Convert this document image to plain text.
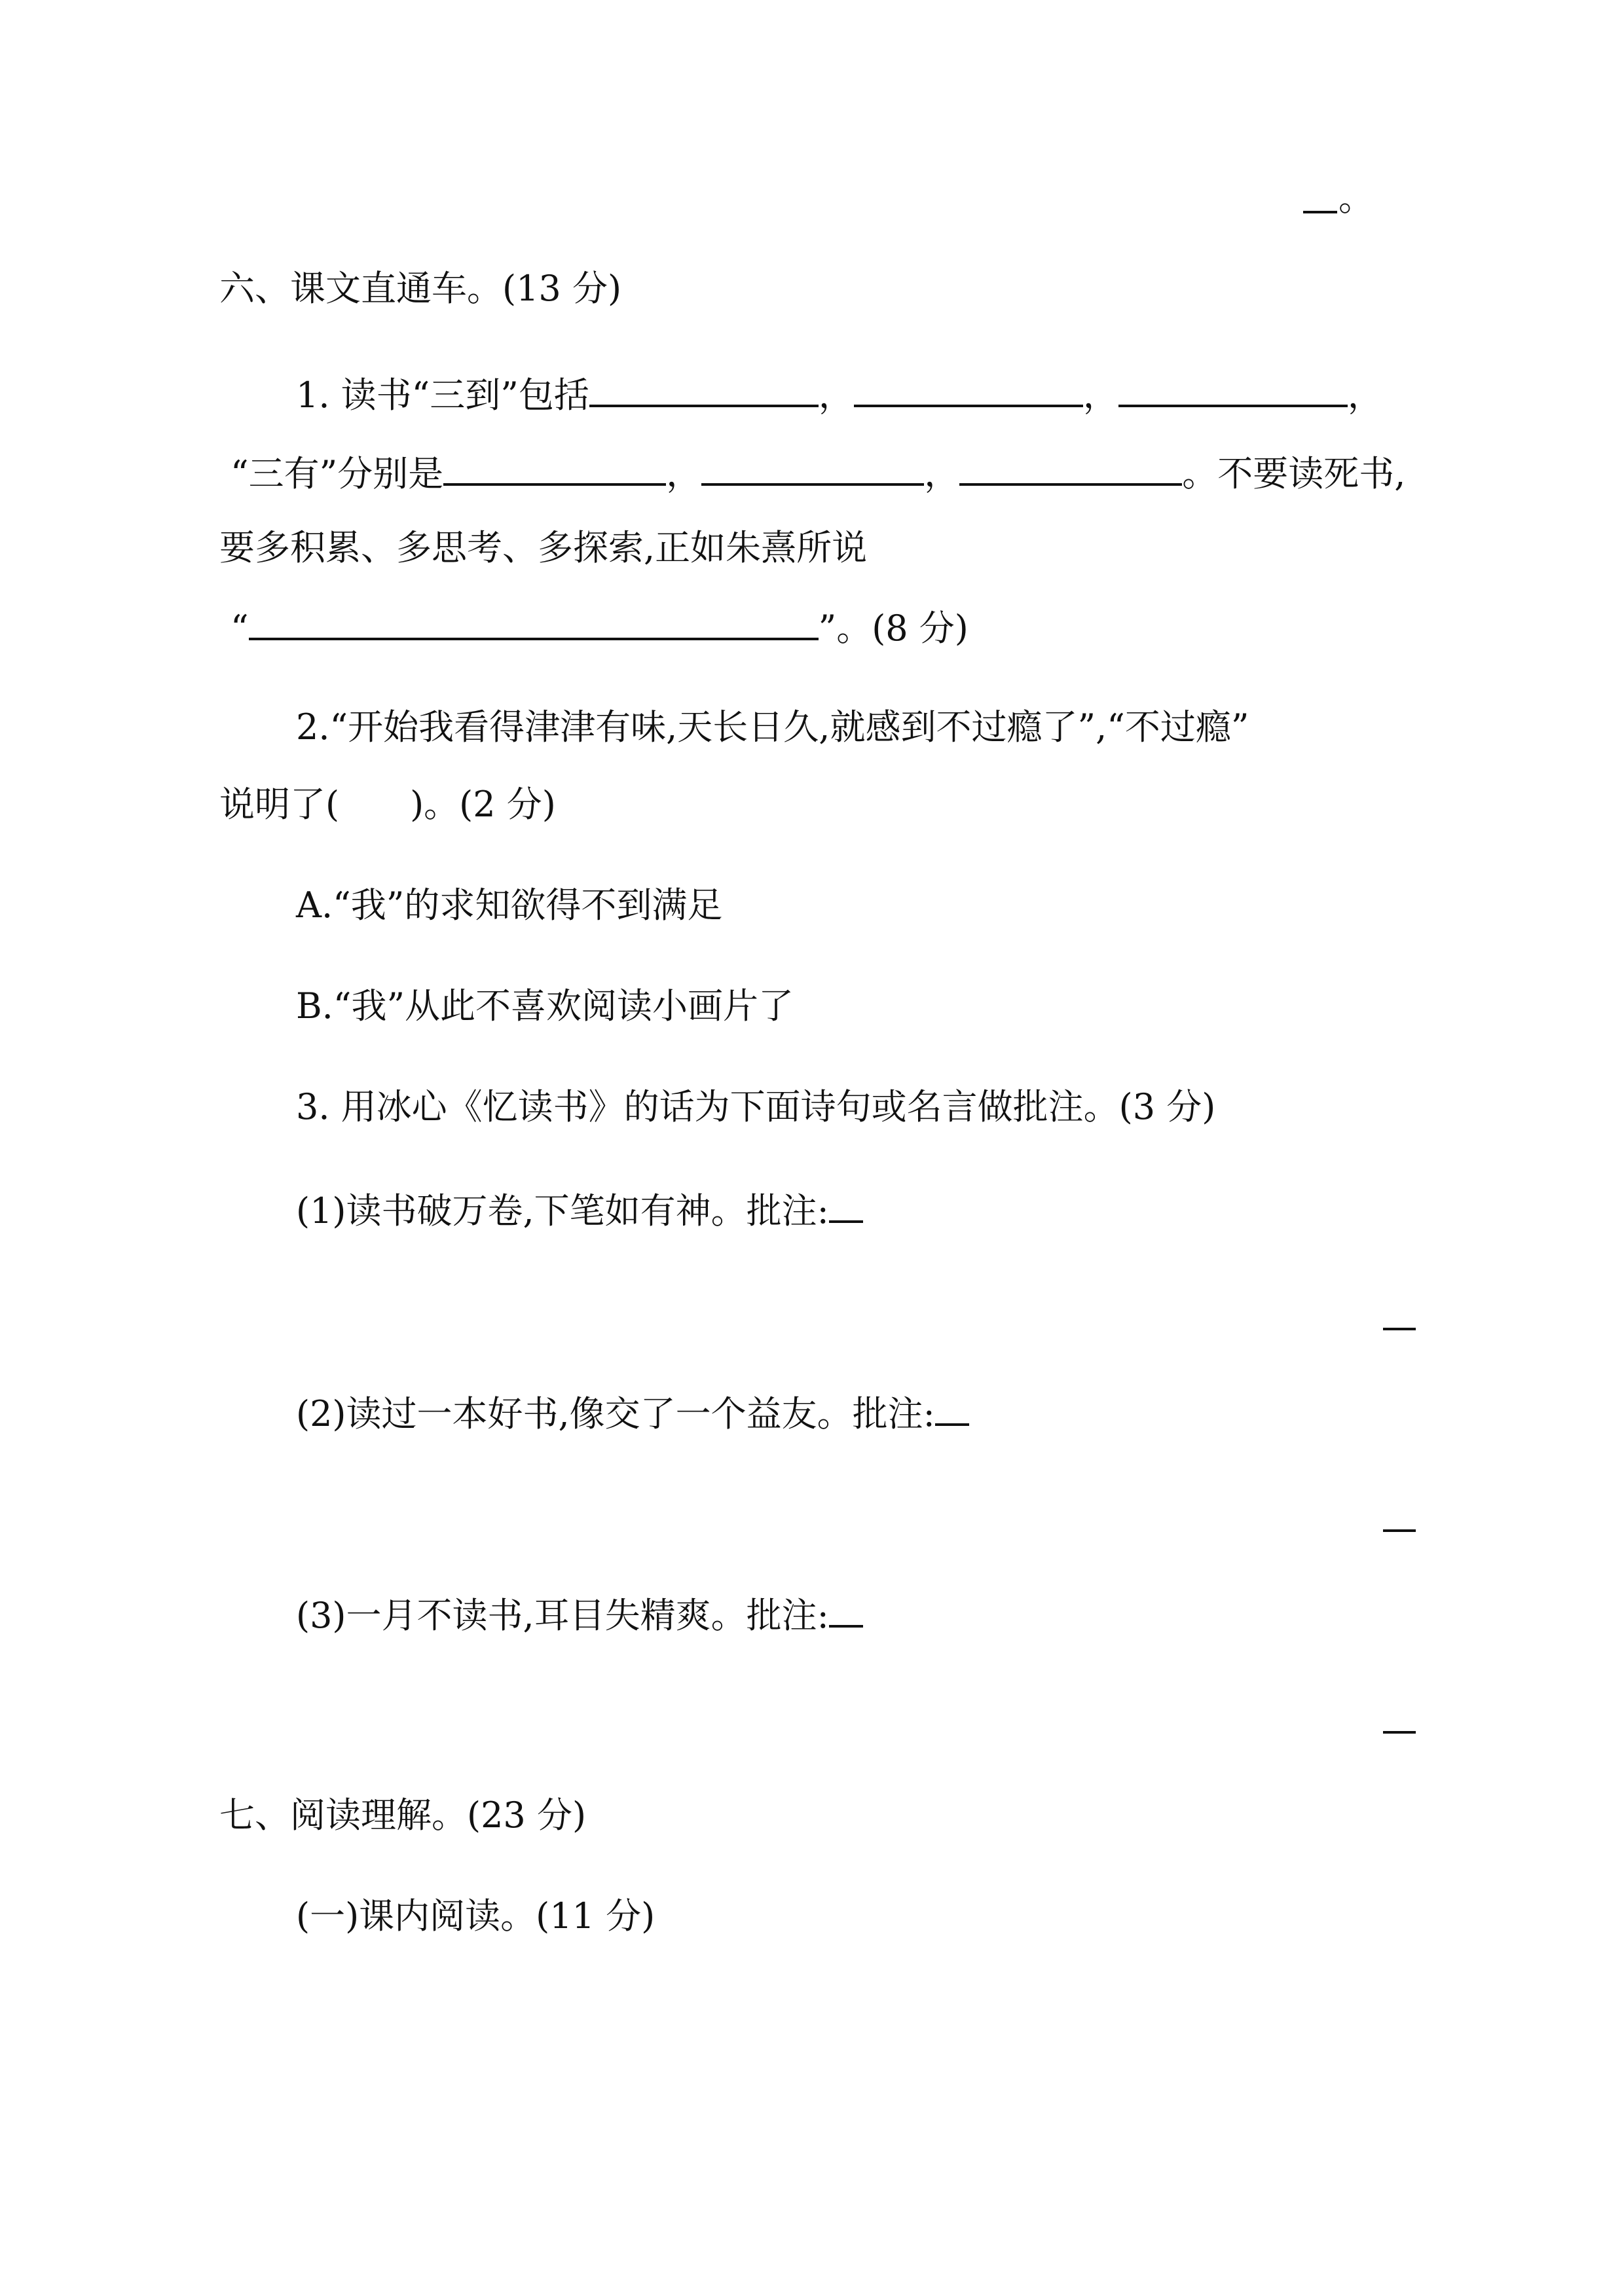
。
六、课文直通车。(13 分)
1. 读书“三到”包括	，	，	，
“三有”分别是	，	，	。不要读死书,
要多积累、多思考、多探索,正如朱熹所说
“	”。(8 分)
2.“开始我看得津津有味,天长日久,就感到不过瘾了”,“不过瘾”
说明了(　　)。(2 分)
A.“我”的求知欲得不到满足
B.“我”从此不喜欢阅读小画片了
3. 用冰心《忆读书》的话为下面诗句或名言做批注。(3 分)
(1)读书破万卷,下笔如有神。批注:
(2)读过一本好书,像交了一个益友。批注:
(3)一月不读书,耳目失精爽。批注:
七、阅读理解。(23 分)
(一)课内阅读。(11 分)
